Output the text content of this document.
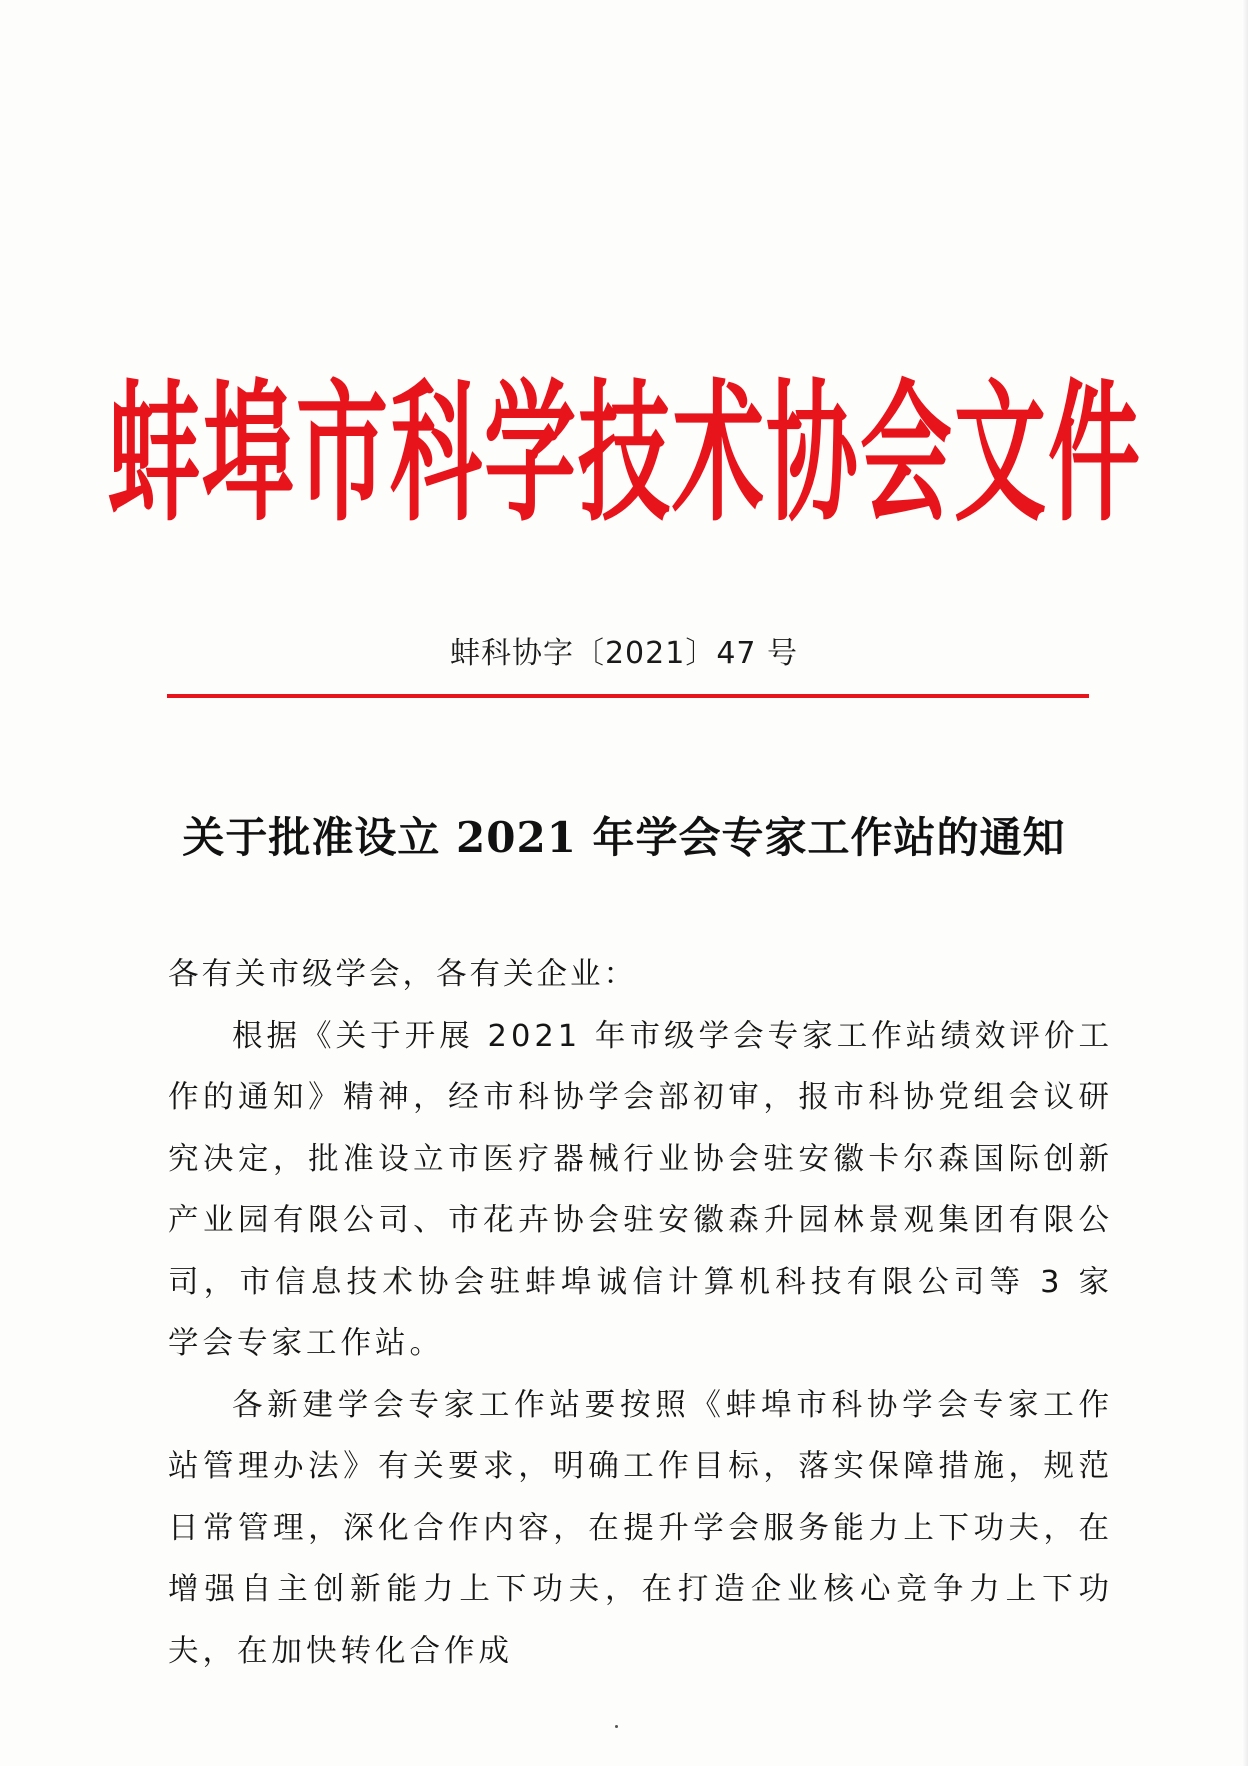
蚌埠市科学技术协会文件
蚌科协字〔2021〕47 号
关于批准设立 2021 年学会专家工作站的通知

各有关市级学会，各有关企业：

根据《关于开展 2021 年市级学会专家工作站绩效评价工作的通知》精神，经市科协学会部初审，报市科协党组会议研究决定，批准设立市医疗器械行业协会驻安徽卡尔森国际创新产业园有限公司、市花卉协会驻安徽森升园林景观集团有限公司，市信息技术协会驻蚌埠诚信计算机科技有限公司等 3 家学会专家工作站。

各新建学会专家工作站要按照《蚌埠市科协学会专家工作站管理办法》有关要求，明确工作目标，落实保障措施，规范日常管理，深化合作内容，在提升学会服务能力上下功夫，在增强自主创新能力上下功夫，在打造企业核心竞争力上下功夫，在加快转化合作成
